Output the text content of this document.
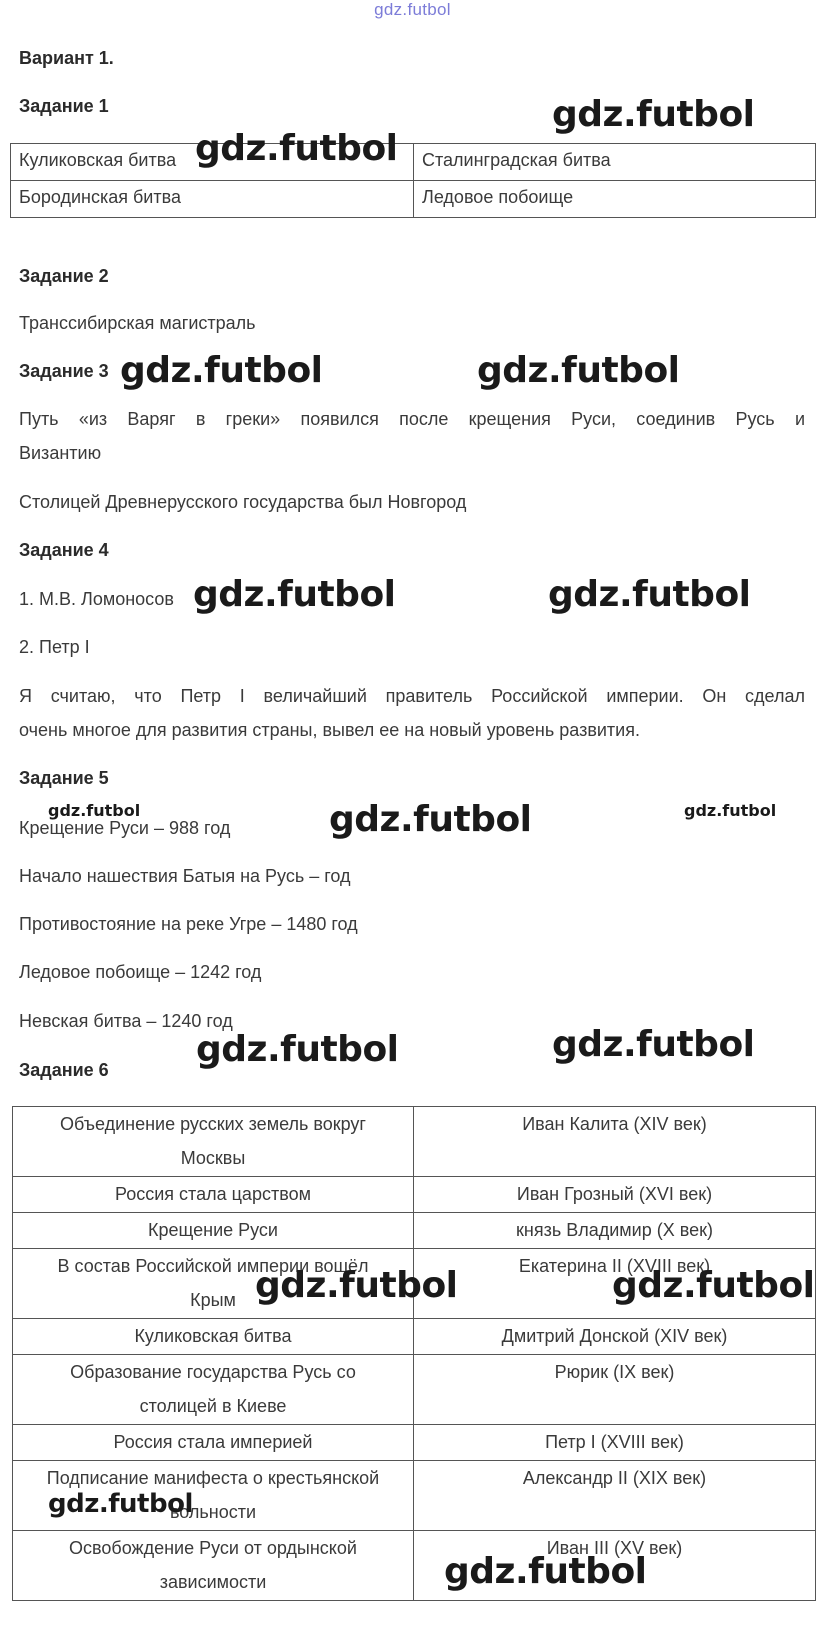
gdz.futbol
Вариант 1.
Задание 1
Куликовская битва	Сталинградская битва
Бородинская битва	Ледовое побоище
Задание 2
Транссибирская магистраль
Задание 3
Путь «из Варяг в греки» появился после крещения Руси, соединив Русь и
Византию
Столицей Древнерусского государства был Новгород
Задание 4
1. М.В. Ломоносов
2. Петр I
Я считаю, что Петр I величайший правитель Российской империи. Он сделал
очень многое для развития страны, вывел ее на новый уровень развития.
Задание 5
Крещение Руси – 988 год
Начало нашествия Батыя на Русь – год
Противостояние на реке Угре – 1480 год
Ледовое побоище – 1242 год
Невская битва – 1240 год
Задание 6
Объединение русских земель вокруг
Москвы	Иван Калита (XIV век)

Россия стала царством	Иван Грозный (XVI век)

Крещение Руси	князь Владимир (X век)

В состав Российской империи вошёл
Крым	Екатерина II (XVIII век)

Куликовская битва	Дмитрий Донской (XIV век)

Образование государства Русь со
столицей в Киеве	Рюрик (IX век)

Россия стала империей	Петр I (XVIII век)

Подписание манифеста о крестьянской
вольности	Александр II (XIX век)

Освобождение Руси от ордынской
зависимости	Иван III (XV век)
gdz.futbol
gdz.futbol
gdz.futbol	gdz.futbol
gdz.futbol	gdz.futbol
gdz.futbol	gdz.futbol	gdz.futbol
gdz.futbol	gdz.futbol
gdz.futbol	gdz.futbol
gdz.futbol
gdz.futbol
